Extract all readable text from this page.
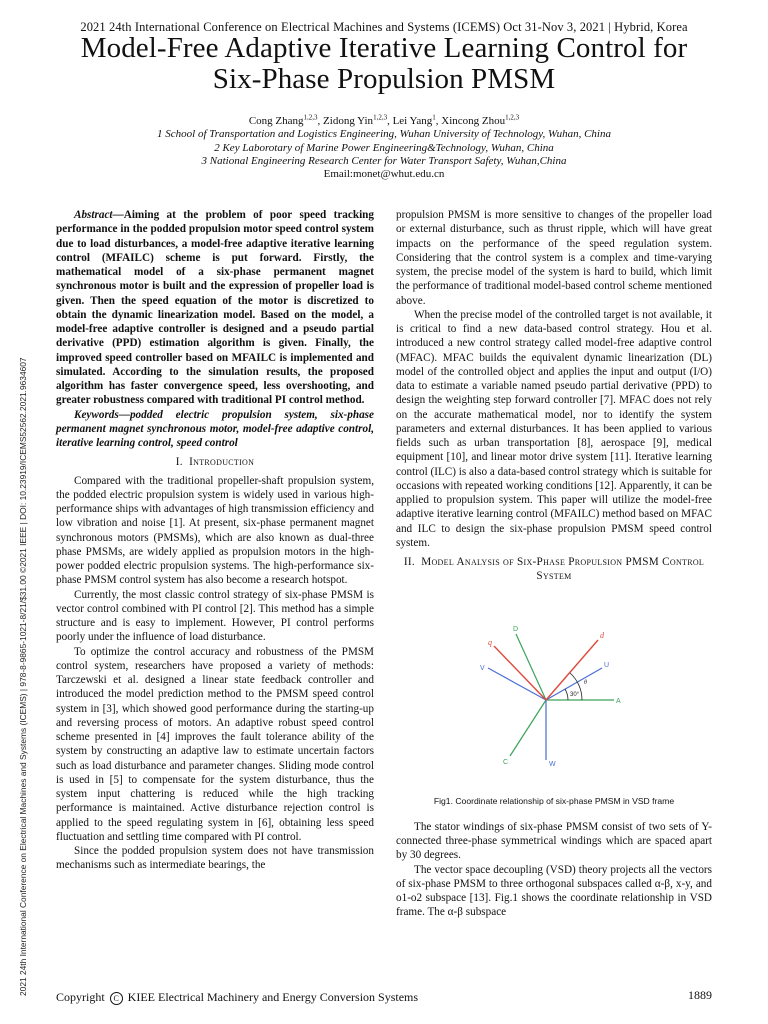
2021 24th International Conference on Electrical Machines and Systems (ICEMS) Oct 31-Nov 3, 2021 | Hybrid, Korea
Model-Free Adaptive Iterative Learning Control for
Six-Phase Propulsion PMSM
Cong Zhang$^{1,2,3}$, Zidong Yin$^{1,2,3}$, Lei Yang$^1$, Xincong Zhou$^{1,2,3}$
1 School of Transportation and Logistics Engineering, Wuhan University of Technology, Wuhan, China
2 Key Laborotary of Marine Power Engineering&Technology, Wuhan, China
3 National Engineering Research Center for Water Transport Safety, Wuhan,China
Email:monet@whut.edu.cn

Abstract—Aiming at the problem of poor speed tracking performance in the podded propulsion motor speed control system due to load disturbances, a model-free adaptive iterative learning control (MFAILC) scheme is put forward. Firstly, the mathematical model of a six-phase permanent magnet synchronous motor is built and the expression of propeller load is given. Then the speed equation of the motor is discretized to obtain the dynamic linearization model. Based on the model, a model-free adaptive controller is designed and a pseudo partial derivative (PPD) estimation algorithm is given. Finally, the improved speed controller based on MFAILC is implemented and simulated. According to the simulation results, the proposed algorithm has faster convergence speed, less overshooting, and greater robustness compared with traditional PI control method.

Keywords—podded electric propulsion system, six-phase permanent magnet synchronous motor, model-free adaptive control, iterative learning control, speed control

I. Introduction

Compared with the traditional propeller-shaft propulsion system, the podded electric propulsion system is widely used in various high-performance ships with advantages of high transmission efficiency and low vibration and noise [1]. At present, six-phase permanent magnet synchronous motors (PMSMs), which are also known as dual-three phase PMSMs, are widely applied as propulsion motors in the high-power podded electric propulsion systems. The high-performance six-phase PMSM control system has also become a research hotspot.

Currently, the most classic control strategy of six-phase PMSM is vector control combined with PI control [2]. This method has a simple structure and is easy to implement. However, PI control performs poorly under the influence of load disturbance.

To optimize the control accuracy and robustness of the PMSM control system, researchers have proposed a variety of methods: Tarczewski et al. designed a linear state feedback controller and introduced the model prediction method to the PMSM speed control system in [3], which showed good performance during the starting-up and reversing process of motors. An adaptive robust speed control scheme presented in [4] improves the fault tolerance ability of the system by constructing an adaptive law to estimate uncertain factors such as load disturbance and parameter changes. Sliding mode control is used in [5] to compensate for the system disturbance, thus the system input chattering is reduced while the high tracking performance is maintained. Active disturbance rejection control is applied to the speed regulating system in [6], obtaining less speed fluctuation and settling time compared with PI control.

Since the podded propulsion system does not have transmission mechanisms such as intermediate bearings, the

propulsion PMSM is more sensitive to changes of the propeller load or external disturbance, such as thrust ripple, which will have great impacts on the performance of the speed regulation system. Considering that the control system is a complex and time-varying system, the precise model of the system is hard to build, which limit the performance of traditional model-based control scheme mentioned above.

When the precise model of the controlled target is not available, it is critical to find a new data-based control strategy. Hou et al. introduced a new control strategy called model-free adaptive control (MFAC). MFAC builds the equivalent dynamic linearization (DL) model of the controlled object and applies the input and output (I/O) data to estimate a variable named pseudo partial derivative (PPD) to design the weighting step forward controller [7]. MFAC does not rely on the accurate mathematical model, nor to identify the system parameters and external disturbances. It has been applied to various fields such as urban transportation [8], aerospace [9], medical equipment [10], and linear motor drive system [11]. Iterative learning control (ILC) is also a data-based control strategy which is suitable for occasions with repeated working conditions [12]. Apparently, it can be applied to propulsion system. This paper will utilize the model-free adaptive iterative learning control (MFAILC) method based on MFAC and ILC to design the six-phase propulsion PMSM speed control system.

II. Model Analysis of Six-Phase Propulsion PMSM Control System
q
D
d
U
V
A
C	W
30°
θ
Fig1. Coordinate relationship of six-phase PMSM in VSD frame

The stator windings of six-phase PMSM consist of two sets of Y-connected three-phase symmetrical windings which are spaced apart by 30 degrees.

The vector space decoupling (VSD) theory projects all the vectors of six-phase PMSM to three orthogonal subspaces called α-β, x-y, and o1-o2 subspace [13]. Fig.1 shows the coordinate relationship in VSD frame. The α-β subspace

2021 24th International Conference on Electrical Machines and Systems (ICEMS) | 978-8-9865-1021-8/21/$31.00 ©2021 IEEE | DOI: 10.23919/ICEMS52562.2021.9634607
Copyright C KIEE Electrical Machinery and Energy Conversion Systems	1889
